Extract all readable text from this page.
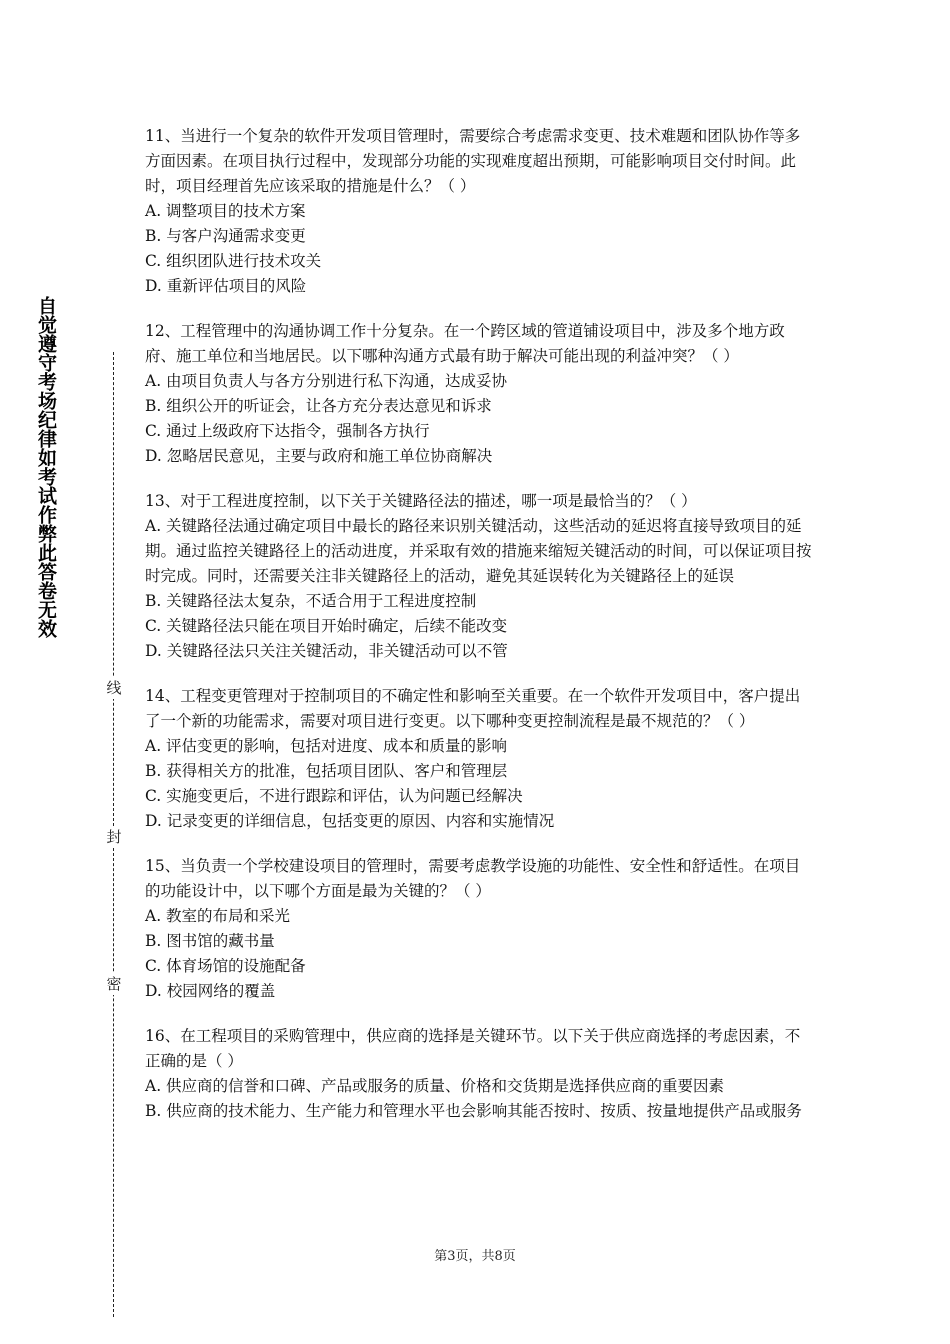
自觉遵守考场纪律如考试作弊此答卷无效
线
封
密

11、当进行一个复杂的软件开发项目管理时，需要综合考虑需求变更、技术难题和团队协作等多方面因素。在项目执行过程中，发现部分功能的实现难度超出预期，可能影响项目交付时间。此时，项目经理首先应该采取的措施是什么？（ ）

A. 调整项目的技术方案

B. 与客户沟通需求变更

C. 组织团队进行技术攻关

D. 重新评估项目的风险

12、工程管理中的沟通协调工作十分复杂。在一个跨区域的管道铺设项目中，涉及多个地方政府、施工单位和当地居民。以下哪种沟通方式最有助于解决可能出现的利益冲突？（ ）

A. 由项目负责人与各方分别进行私下沟通，达成妥协

B. 组织公开的听证会，让各方充分表达意见和诉求

C. 通过上级政府下达指令，强制各方执行

D. 忽略居民意见，主要与政府和施工单位协商解决

13、对于工程进度控制，以下关于关键路径法的描述，哪一项是最恰当的？（ ）

A. 关键路径法通过确定项目中最长的路径来识别关键活动，这些活动的延迟将直接导致项目的延期。通过监控关键路径上的活动进度，并采取有效的措施来缩短关键活动的时间，可以保证项目按时完成。同时，还需要关注非关键路径上的活动，避免其延误转化为关键路径上的延误

B. 关键路径法太复杂，不适合用于工程进度控制

C. 关键路径法只能在项目开始时确定，后续不能改变

D. 关键路径法只关注关键活动，非关键活动可以不管

14、工程变更管理对于控制项目的不确定性和影响至关重要。在一个软件开发项目中，客户提出了一个新的功能需求，需要对项目进行变更。以下哪种变更控制流程是最不规范的？（ ）

A. 评估变更的影响，包括对进度、成本和质量的影响

B. 获得相关方的批准，包括项目团队、客户和管理层

C. 实施变更后，不进行跟踪和评估，认为问题已经解决

D. 记录变更的详细信息，包括变更的原因、内容和实施情况

15、当负责一个学校建设项目的管理时，需要考虑教学设施的功能性、安全性和舒适性。在项目的功能设计中，以下哪个方面是最为关键的？（ ）

A. 教室的布局和采光

B. 图书馆的藏书量

C. 体育场馆的设施配备

D. 校园网络的覆盖

16、在工程项目的采购管理中，供应商的选择是关键环节。以下关于供应商选择的考虑因素，不正确的是（ ）

A. 供应商的信誉和口碑、产品或服务的质量、价格和交货期是选择供应商的重要因素

B. 供应商的技术能力、生产能力和管理水平也会影响其能否按时、按质、按量地提供产品或服务

第3页，共8页
